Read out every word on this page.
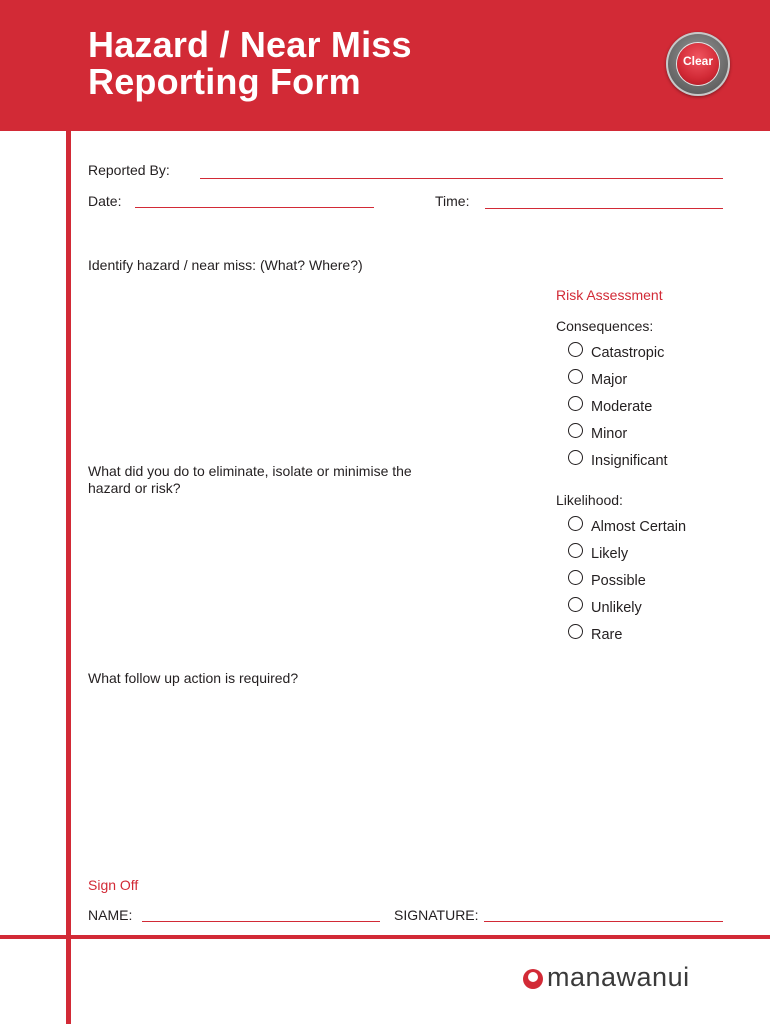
Hazard / Near Miss
Reporting Form	Clear
Reported By:
Date:	Time:
Identify hazard / near miss: (What? Where?)
What did you do to eliminate, isolate or minimise the
hazard or risk?
What follow up action is required?
Risk Assessment
Consequences:
Catastropic
Major
Moderate
Minor
Insignificant
Likelihood:
Almost Certain
Likely
Possible
Unlikely
Rare
Sign Off
NAME:	SIGNATURE:
manawanui
